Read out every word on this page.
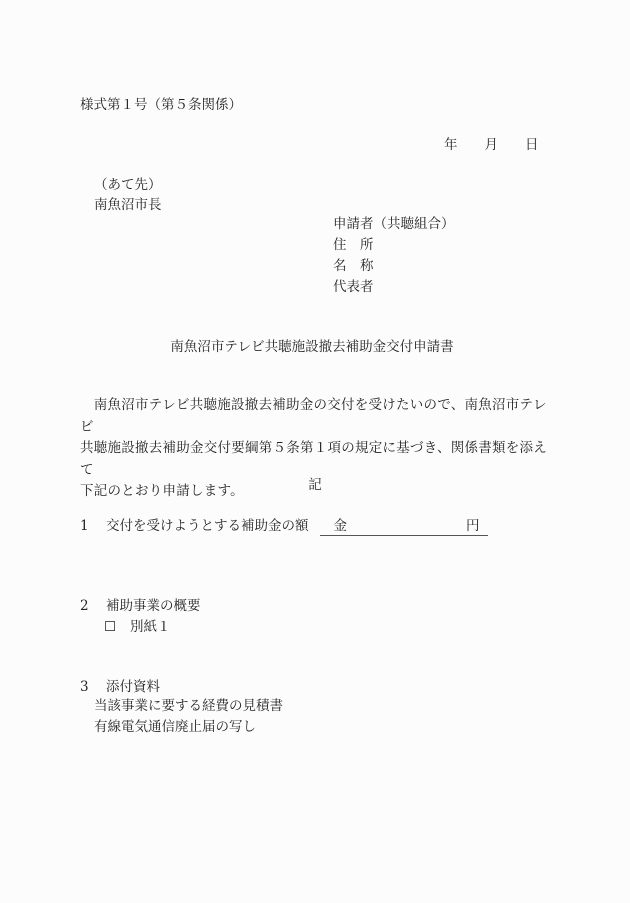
様式第１号（第５条関係）
年 月 日
（あて先）
南魚沼市長
申請者（共聴組合）
住　所
名　称
代表者
南魚沼市テレビ共聴施設撤去補助金交付申請書

　南魚沼市テレビ共聴施設撤去補助金の交付を受けたいので、南魚沼市テレビ

共聴施設撤去補助金交付要綱第５条第１項の規定に基づき、関係書類を添えて

下記のとおり申請します。	記
1 交付を受けようとする補助金の額 金	円
2 補助事業の概要
☐ 別紙１
3 添付資料
当該事業に要する経費の見積書
有線電気通信廃止届の写し
